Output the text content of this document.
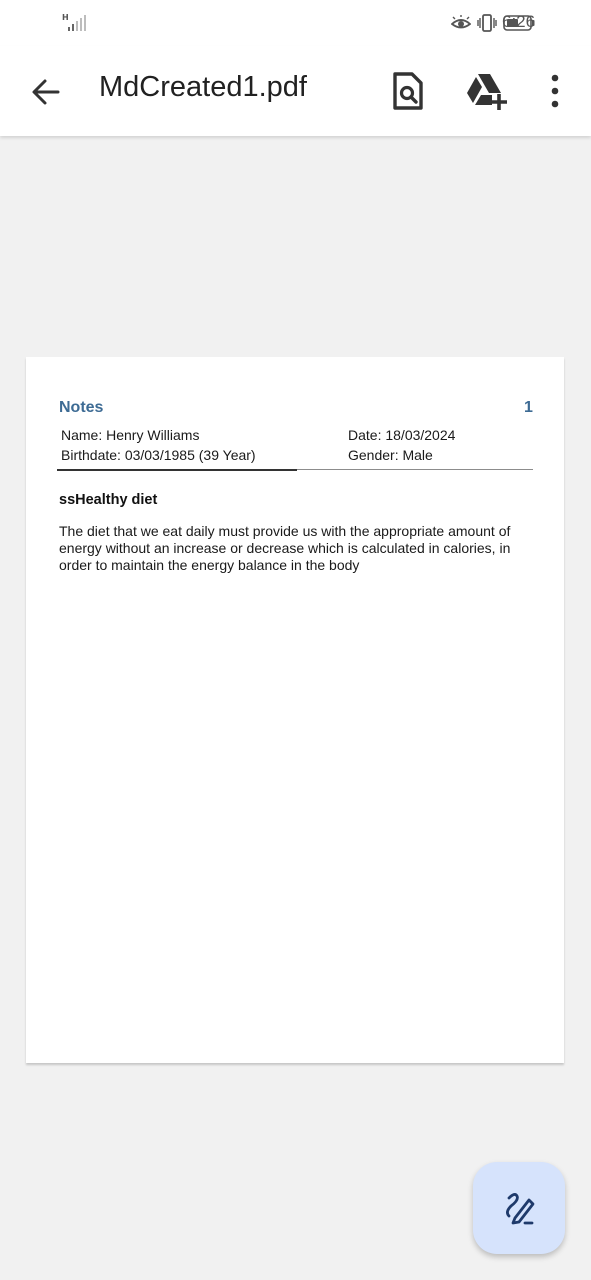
H	6:26
MdCreated1.pdf
Notes	1
Name: Henry Williams
Birthdate: 03/03/1985 (39 Year)
Date: 18/03/2024
Gender: Male
ssHealthy diet
The diet that we eat daily must provide us with the appropriate amount of energy without an increase or decrease which is calculated in calories, in order to maintain the energy balance in the body
